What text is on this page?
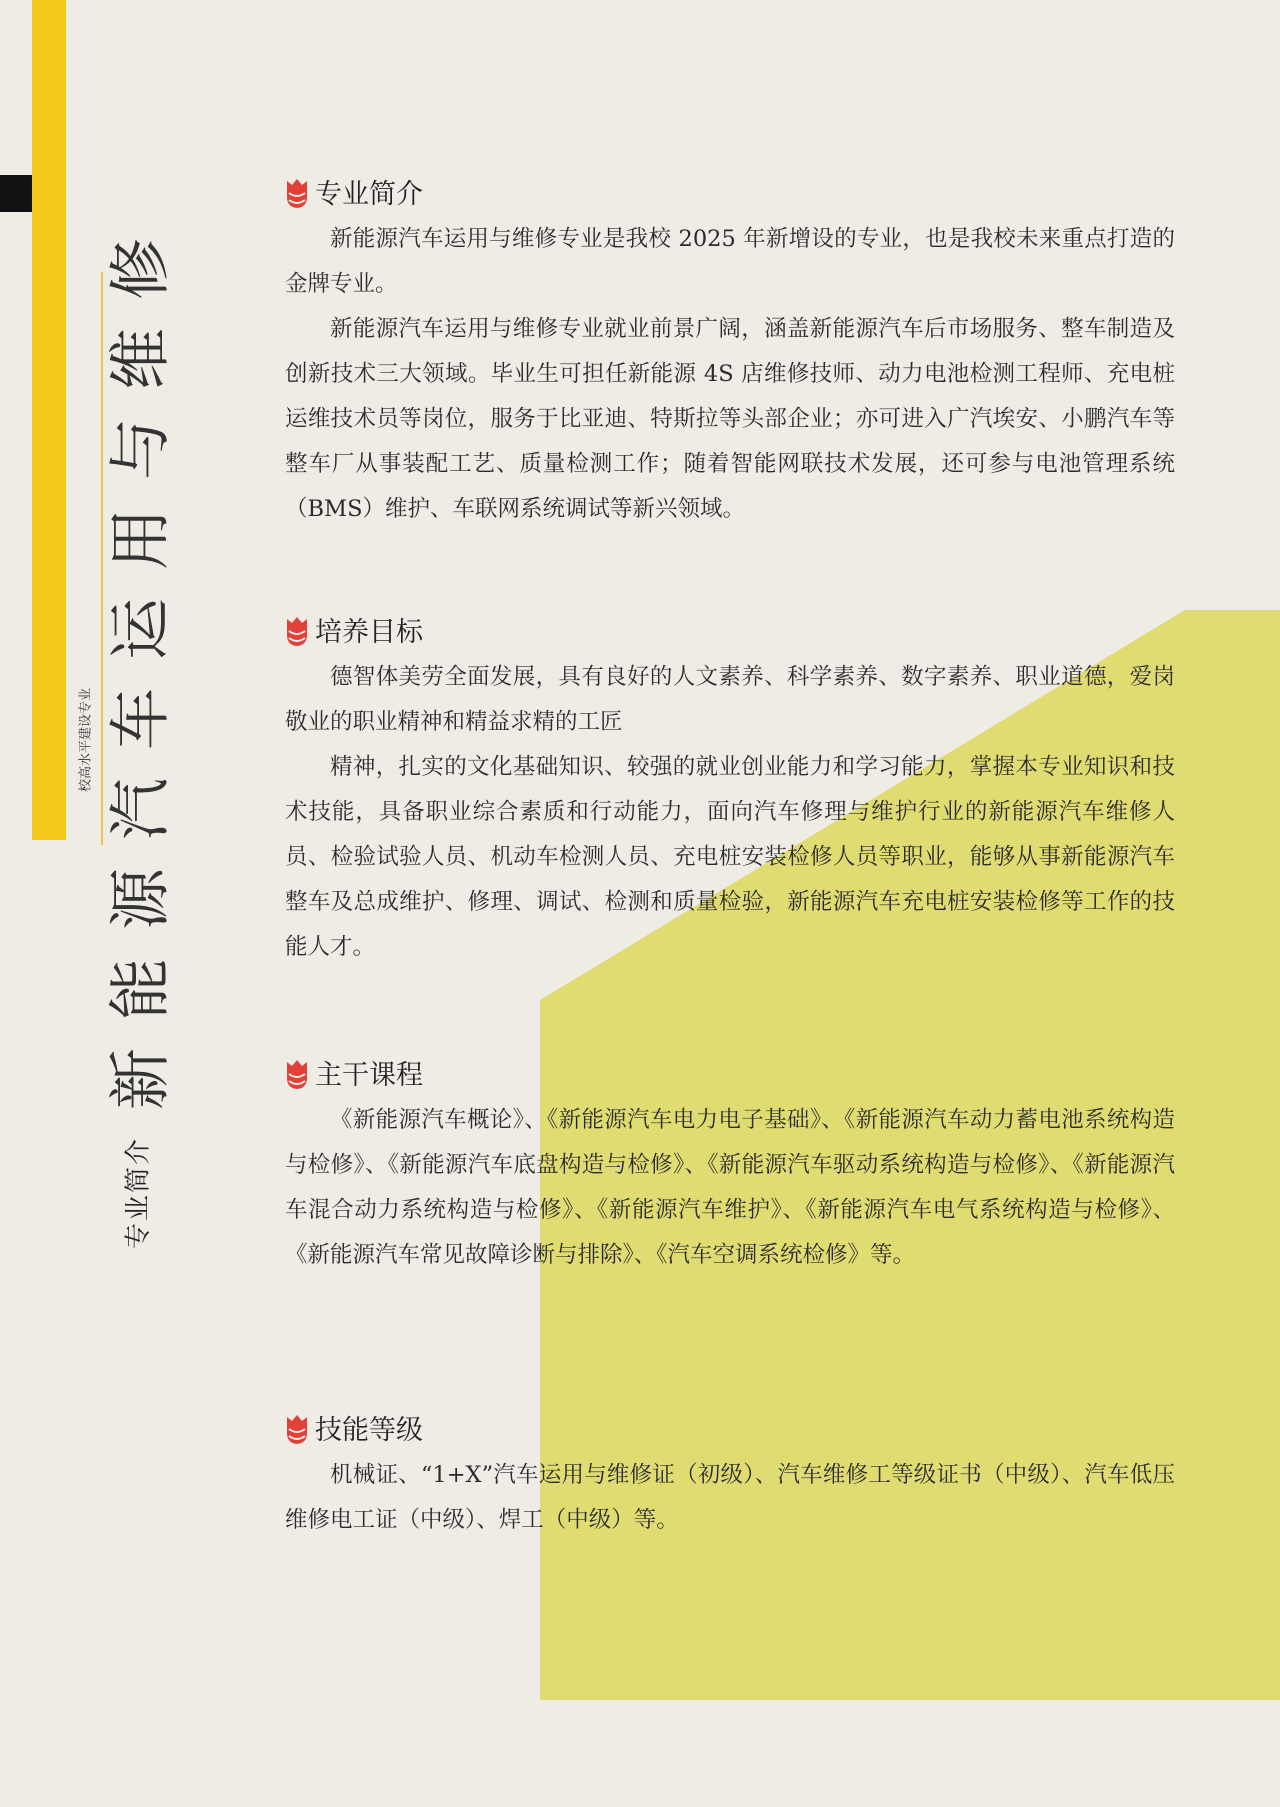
新能源汽车运用与维修
校高水平建设专业
专业简介
专业简介

新能源汽车运用与维修专业是我校 2025 年新增设的专业，也是我校未来重点打造的金牌专业。

新能源汽车运用与维修专业就业前景广阔，涵盖新能源汽车后市场服务、整车制造及创新技术三大领域。毕业生可担任新能源 4S 店维修技师、动力电池检测工程师、充电桩运维技术员等岗位，服务于比亚迪、特斯拉等头部企业；亦可进入广汽埃安、小鹏汽车等整车厂从事装配工艺、质量检测工作；随着智能网联技术发展，还可参与电池管理系统（BMS）维护、车联网系统调试等新兴领域。

培养目标

德智体美劳全面发展，具有良好的人文素养、科学素养、数字素养、职业道德，爱岗敬业的职业精神和精益求精的工匠

精神，扎实的文化基础知识、较强的就业创业能力和学习能力，掌握本专业知识和技术技能，具备职业综合素质和行动能力，面向汽车修理与维护行业的新能源汽车维修人员、检验试验人员、机动车检测人员、充电桩安装检修人员等职业，能够从事新能源汽车整车及总成维护、修理、调试、检测和质量检验，新能源汽车充电桩安装检修等工作的技能人才。

主干课程

《新能源汽车概论》、《新能源汽车电力电子基础》、《新能源汽车动力蓄电池系统构造与检修》、《新能源汽车底盘构造与检修》、《新能源汽车驱动系统构造与检修》、《新能源汽车混合动力系统构造与检修》、《新能源汽车维护》、《新能源汽车电气系统构造与检修》、《新能源汽车常见故障诊断与排除》、《汽车空调系统检修》等。

技能等级

机械证、“1+X”汽车运用与维修证（初级）、汽车维修工等级证书（中级）、汽车低压维修电工证（中级）、焊工（中级）等。
